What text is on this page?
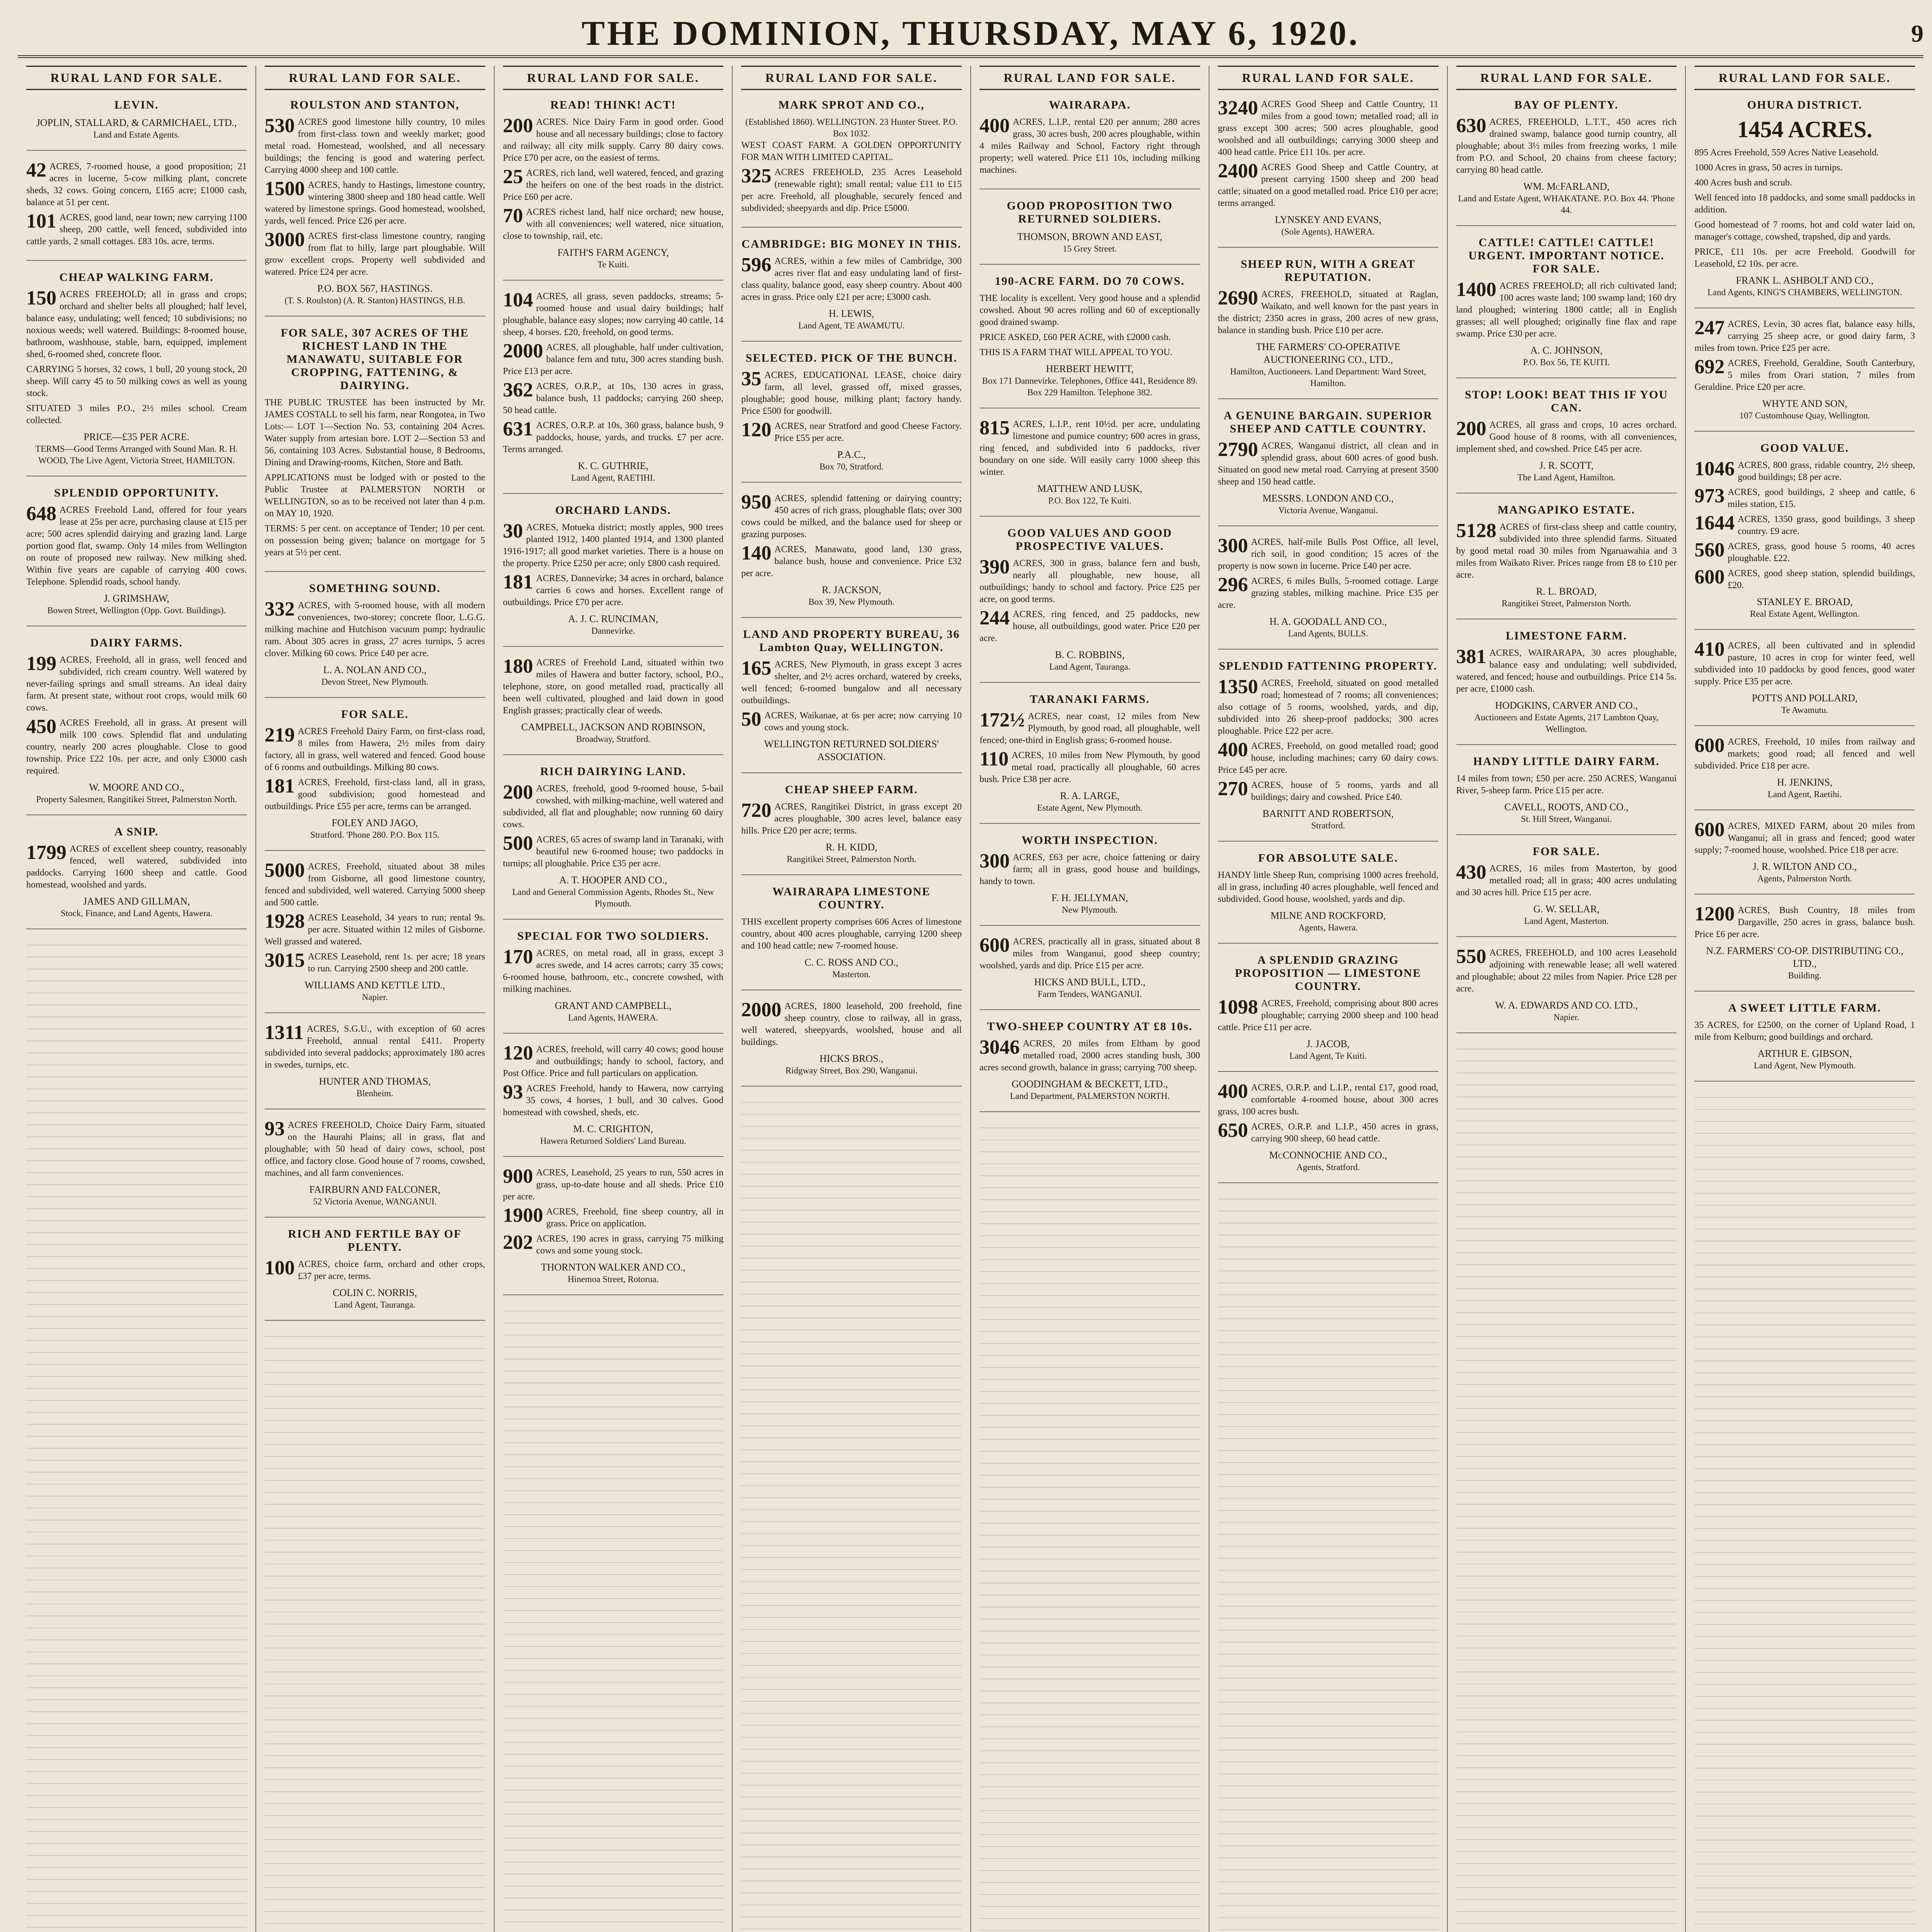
THE DOMINION, THURSDAY, MAY 6, 1920.	9
RURAL LAND FOR SALE.
LEVIN.
JOPLIN, STALLARD, & CARMICHAEL, LTD.,
Land and Estate Agents.

42 ACRES, 7-roomed house, a good proposition; 21 acres in lucerne, 5-cow milking plant, concrete sheds, 32 cows. Going concern, £165 acre; £1000 cash, balance at 51 per cent.

101 ACRES, good land, near town; new carrying 1100 sheep, 200 cattle, well fenced, subdivided into cattle yards, 2 small cottages. £83 10s. acre, terms.

CHEAP WALKING FARM.

150 ACRES FREEHOLD; all in grass and crops; orchard and shelter belts all ploughed; half level, balance easy, undulating; well fenced; 10 subdivisions; no noxious weeds; well watered. Buildings: 8-roomed house, bathroom, washhouse, stable, barn, equipped, implement shed, 6-roomed shed, concrete floor.

CARRYING 5 horses, 32 cows, 1 bull, 20 young stock, 20 sheep. Will carry 45 to 50 milking cows as well as young stock.

SITUATED 3 miles P.O., 2½ miles school. Cream collected.

PRICE—£35 PER ACRE.
TERMS—Good Terms Arranged with Sound Man. R. H. WOOD, The Live Agent, Victoria Street, HAMILTON.
SPLENDID OPPORTUNITY.

648 ACRES Freehold Land, offered for four years lease at 25s per acre, purchasing clause at £15 per acre; 500 acres splendid dairying and grazing land. Large portion good flat, swamp. Only 14 miles from Wellington on route of proposed new railway. New milking shed. Within five years are capable of carrying 400 cows. Telephone. Splendid roads, school handy.

J. GRIMSHAW,
Bowen Street, Wellington (Opp. Govt. Buildings).
DAIRY FARMS.

199 ACRES, Freehold, all in grass, well fenced and subdivided, rich cream country. Well watered by never-failing springs and small streams. An ideal dairy farm. At present state, without root crops, would milk 60 cows.

450 ACRES Freehold, all in grass. At present will milk 100 cows. Splendid flat and undulating country, nearly 200 acres ploughable. Close to good township. Price £22 10s. per acre, and only £3000 cash required.

W. MOORE AND CO.,
Property Salesmen, Rangitikei Street, Palmerston North.
A SNIP.

1799 ACRES of excellent sheep country, reasonably fenced, well watered, subdivided into paddocks. Carrying 1600 sheep and cattle. Good homestead, woolshed and yards.

JAMES AND GILLMAN,
Stock, Finance, and Land Agents, Hawera.
RURAL LAND FOR SALE.
ROULSTON AND STANTON,

530 ACRES good limestone hilly country, 10 miles from first-class town and weekly market; good metal road. Homestead, woolshed, and all necessary buildings; the fencing is good and watering perfect. Carrying 4000 sheep and 100 cattle.

1500 ACRES, handy to Hastings, limestone country, wintering 3800 sheep and 180 head cattle. Well watered by limestone springs. Good homestead, woolshed, yards, well fenced. Price £26 per acre.

3000 ACRES first-class limestone country, ranging from flat to hilly, large part ploughable. Will grow excellent crops. Property well subdivided and watered. Price £24 per acre.

P.O. BOX 567, HASTINGS.
(T. S. Roulston) (A. R. Stanton) HASTINGS, H.B.
FOR SALE, 307 ACRES OF THE RICHEST LAND IN THE MANAWATU, SUITABLE FOR CROPPING, FATTENING, & DAIRYING.

THE PUBLIC TRUSTEE has been instructed by Mr. JAMES COSTALL to sell his farm, near Rongotea, in Two Lots:— LOT 1—Section No. 53, containing 204 Acres. Water supply from artesian bore. LOT 2—Section 53 and 56, containing 103 Acres. Substantial house, 8 Bedrooms, Dining and Drawing-rooms, Kitchen, Store and Bath.

APPLICATIONS must be lodged with or posted to the Public Trustee at PALMERSTON NORTH or WELLINGTON, so as to be received not later than 4 p.m. on MAY 10, 1920.

TERMS: 5 per cent. on acceptance of Tender; 10 per cent. on possession being given; balance on mortgage for 5 years at 5½ per cent.

SOMETHING SOUND.

332 ACRES, with 5-roomed house, with all modern conveniences, two-storey; concrete floor, L.G.G. milking machine and Hutchison vacuum pump; hydraulic ram. About 305 acres in grass, 27 acres turnips, 5 acres clover. Milking 60 cows. Price £40 per acre.

L. A. NOLAN AND CO.,
Devon Street, New Plymouth.
FOR SALE.

219 ACRES Freehold Dairy Farm, on first-class road, 8 miles from Hawera, 2½ miles from dairy factory, all in grass, well watered and fenced. Good house of 6 rooms and outbuildings. Milking 80 cows.

181 ACRES, Freehold, first-class land, all in grass, good subdivision; good homestead and outbuildings. Price £55 per acre, terms can be arranged.

FOLEY AND JAGO,
Stratford. 'Phone 280. P.O. Box 115.

5000 ACRES, Freehold, situated about 38 miles from Gisborne, all good limestone country, fenced and subdivided, well watered. Carrying 5000 sheep and 500 cattle.

1928 ACRES Leasehold, 34 years to run; rental 9s. per acre. Situated within 12 miles of Gisborne. Well grassed and watered.

3015 ACRES Leasehold, rent 1s. per acre; 18 years to run. Carrying 2500 sheep and 200 cattle.

WILLIAMS AND KETTLE LTD.,
Napier.

1311 ACRES, S.G.U., with exception of 60 acres Freehold, annual rental £411. Property subdivided into several paddocks; approximately 180 acres in swedes, turnips, etc.

HUNTER AND THOMAS,
Blenheim.

93 ACRES FREEHOLD, Choice Dairy Farm, situated on the Haurahi Plains; all in grass, flat and ploughable; with 50 head of dairy cows, school, post office, and factory close. Good house of 7 rooms, cowshed, machines, and all farm conveniences.

FAIRBURN AND FALCONER,
52 Victoria Avenue, WANGANUI.
RICH AND FERTILE BAY OF PLENTY.

100 ACRES, choice farm, orchard and other crops, £37 per acre, terms.

COLIN C. NORRIS,
Land Agent, Tauranga.
RURAL LAND FOR SALE.
READ! THINK! ACT!

200 ACRES. Nice Dairy Farm in good order. Good house and all necessary buildings; close to factory and railway; all city milk supply. Carry 80 dairy cows. Price £70 per acre, on the easiest of terms.

25 ACRES, rich land, well watered, fenced, and grazing the heifers on one of the best roads in the district. Price £60 per acre.

70 ACRES richest land, half nice orchard; new house, with all conveniences; well watered, nice situation, close to township, rail, etc.

FAITH'S FARM AGENCY,
Te Kuiti.

104 ACRES, all grass, seven paddocks, streams; 5-roomed house and usual dairy buildings; half ploughable, balance easy slopes; now carrying 40 cattle, 14 sheep, 4 horses. £20, freehold, on good terms.

2000 ACRES, all ploughable, half under cultivation, balance fern and tutu, 300 acres standing bush. Price £13 per acre.

362 ACRES, O.R.P., at 10s, 130 acres in grass, balance bush, 11 paddocks; carrying 260 sheep, 50 head cattle.

631 ACRES, O.R.P. at 10s, 360 grass, balance bush, 9 paddocks, house, yards, and trucks. £7 per acre. Terms arranged.

K. C. GUTHRIE,
Land Agent, RAETIHI.
ORCHARD LANDS.

30 ACRES, Motueka district; mostly apples, 900 trees planted 1912, 1400 planted 1914, and 1300 planted 1916-1917; all good market varieties. There is a house on the property. Price £250 per acre; only £800 cash required.

181 ACRES, Dannevirke; 34 acres in orchard, balance carries 6 cows and horses. Excellent range of outbuildings. Price £70 per acre.

A. J. C. RUNCIMAN,
Dannevirke.

180 ACRES of Freehold Land, situated within two miles of Hawera and butter factory, school, P.O., telephone, store, on good metalled road, practically all been well cultivated, ploughed and laid down in good English grasses; practically clear of weeds.

CAMPBELL, JACKSON AND ROBINSON,
Broadway, Stratford.
RICH DAIRYING LAND.

200 ACRES, freehold, good 9-roomed house, 5-bail cowshed, with milking-machine, well watered and subdivided, all flat and ploughable; now running 60 dairy cows.

500 ACRES, 65 acres of swamp land in Taranaki, with beautiful new 6-roomed house; two paddocks in turnips; all ploughable. Price £35 per acre.

A. T. HOOPER AND CO.,
Land and General Commission Agents, Rhodes St., New Plymouth.
SPECIAL FOR TWO SOLDIERS.

170 ACRES, on metal road, all in grass, except 3 acres swede, and 14 acres carrots; carry 35 cows; 6-roomed house, bathroom, etc., concrete cowshed, with milking machines.

GRANT AND CAMPBELL,
Land Agents, HAWERA.

120 ACRES, freehold, will carry 40 cows; good house and outbuildings; handy to school, factory, and Post Office. Price and full particulars on application.

93 ACRES Freehold, handy to Hawera, now carrying 35 cows, 4 horses, 1 bull, and 30 calves. Good homestead with cowshed, sheds, etc.

M. C. CRIGHTON,
Hawera Returned Soldiers' Land Bureau.

900 ACRES, Leasehold, 25 years to run, 550 acres in grass, up-to-date house and all sheds. Price £10 per acre.

1900 ACRES, Freehold, fine sheep country, all in grass. Price on application.

202 ACRES, 190 acres in grass, carrying 75 milking cows and some young stock.

THORNTON WALKER AND CO.,
Hinemoa Street, Rotorua.
RURAL LAND FOR SALE.
MARK SPROT AND CO.,
(Established 1860). WELLINGTON. 23 Hunter Street. P.O. Box 1032.

WEST COAST FARM. A GOLDEN OPPORTUNITY FOR MAN WITH LIMITED CAPITAL.

325 ACRES FREEHOLD, 235 Acres Leasehold (renewable right); small rental; value £11 to £15 per acre. Freehold, all ploughable, securely fenced and subdivided; sheepyards and dip. Price £5000.

CAMBRIDGE: BIG MONEY IN THIS.

596 ACRES, within a few miles of Cambridge, 300 acres river flat and easy undulating land of first-class quality, balance good, easy sheep country. About 400 acres in grass. Price only £21 per acre; £3000 cash.

H. LEWIS,
Land Agent, TE AWAMUTU.
SELECTED. PICK OF THE BUNCH.

35 ACRES, EDUCATIONAL LEASE, choice dairy farm, all level, grassed off, mixed grasses, ploughable; good house, milking plant; factory handy. Price £500 for goodwill.

120 ACRES, near Stratford and good Cheese Factory. Price £55 per acre.

P.A.C.,
Box 70, Stratford.

950 ACRES, splendid fattening or dairying country; 450 acres of rich grass, ploughable flats; over 300 cows could be milked, and the balance used for sheep or grazing purposes.

140 ACRES, Manawatu, good land, 130 grass, balance bush, house and convenience. Price £32 per acre.

R. JACKSON,
Box 39, New Plymouth.
LAND AND PROPERTY BUREAU, 36 Lambton Quay, WELLINGTON.

165 ACRES, New Plymouth, in grass except 3 acres shelter, and 2½ acres orchard, watered by creeks, well fenced; 6-roomed bungalow and all necessary outbuildings.

50 ACRES, Waikanae, at 6s per acre; now carrying 10 cows and young stock.

WELLINGTON RETURNED SOLDIERS' ASSOCIATION.
CHEAP SHEEP FARM.

720 ACRES, Rangitikei District, in grass except 20 acres ploughable, 300 acres level, balance easy hills. Price £20 per acre; terms.

R. H. KIDD,
Rangitikei Street, Palmerston North.
WAIRARAPA LIMESTONE COUNTRY.

THIS excellent property comprises 606 Acres of limestone country, about 400 acres ploughable, carrying 1200 sheep and 100 head cattle; new 7-roomed house.

C. C. ROSS AND CO.,
Masterton.

2000 ACRES, 1800 leasehold, 200 freehold, fine sheep country, close to railway, all in grass, well watered, sheepyards, woolshed, house and all buildings.

HICKS BROS.,
Ridgway Street, Box 290, Wanganui.
RURAL LAND FOR SALE.
WAIRARAPA.

400 ACRES, L.I.P., rental £20 per annum; 280 acres grass, 30 acres bush, 200 acres ploughable, within 4 miles Railway and School, Factory right through property; well watered. Price £11 10s, including milking machines.

GOOD PROPOSITION TWO RETURNED SOLDIERS.
THOMSON, BROWN AND EAST,
15 Grey Street.
190-ACRE FARM. DO 70 COWS.

THE locality is excellent. Very good house and a splendid cowshed. About 90 acres rolling and 60 of exceptionally good drained swamp.

PRICE ASKED, £60 PER ACRE, with £2000 cash.

THIS IS A FARM THAT WILL APPEAL TO YOU.

HERBERT HEWITT,
Box 171 Dannevirke. Telephones, Office 441, Residence 89. Box 229 Hamilton. Telephone 382.

815 ACRES, L.I.P., rent 10½d. per acre, undulating limestone and pumice country; 600 acres in grass, ring fenced, and subdivided into 6 paddocks, river boundary on one side. Will easily carry 1000 sheep this winter.

MATTHEW AND LUSK,
P.O. Box 122, Te Kuiti.
GOOD VALUES AND GOOD PROSPECTIVE VALUES.

390 ACRES, 300 in grass, balance fern and bush, nearly all ploughable, new house, all outbuildings; handy to school and factory. Price £25 per acre, on good terms.

244 ACRES, ring fenced, and 25 paddocks, new house, all outbuildings, good water. Price £20 per acre.

B. C. ROBBINS,
Land Agent, Tauranga.
TARANAKI FARMS.

172½ ACRES, near coast, 12 miles from New Plymouth, by good road, all ploughable, well fenced; one-third in English grass; 6-roomed house.

110 ACRES, 10 miles from New Plymouth, by good metal road, practically all ploughable, 60 acres bush. Price £38 per acre.

R. A. LARGE,
Estate Agent, New Plymouth.
WORTH INSPECTION.

300 ACRES, £63 per acre, choice fattening or dairy farm; all in grass, good house and buildings, handy to town.

F. H. JELLYMAN,
New Plymouth.

600 ACRES, practically all in grass, situated about 8 miles from Wanganui, good sheep country; woolshed, yards and dip. Price £15 per acre.

HICKS AND BULL, LTD.,
Farm Tenders, WANGANUI.
TWO-SHEEP COUNTRY AT £8 10s.

3046 ACRES, 20 miles from Eltham by good metalled road, 2000 acres standing bush, 300 acres second growth, balance in grass; carrying 700 sheep.

GOODINGHAM & BECKETT, LTD.,
Land Department, PALMERSTON NORTH.
RURAL LAND FOR SALE.

3240 ACRES Good Sheep and Cattle Country, 11 miles from a good town; metalled road; all in grass except 300 acres; 500 acres ploughable, good woolshed and all outbuildings; carrying 3000 sheep and 400 head cattle. Price £11 10s. per acre.

2400 ACRES Good Sheep and Cattle Country, at present carrying 1500 sheep and 200 head cattle; situated on a good metalled road. Price £10 per acre; terms arranged.

LYNSKEY AND EVANS,
(Sole Agents), HAWERA.
SHEEP RUN, WITH A GREAT REPUTATION.

2690 ACRES, FREEHOLD, situated at Raglan, Waikato, and well known for the past years in the district; 2350 acres in grass, 200 acres of new grass, balance in standing bush. Price £10 per acre.

THE FARMERS' CO-OPERATIVE AUCTIONEERING CO., LTD.,
Hamilton, Auctioneers. Land Department: Ward Street, Hamilton.
A GENUINE BARGAIN. SUPERIOR SHEEP AND CATTLE COUNTRY.

2790 ACRES, Wanganui district, all clean and in splendid grass, about 600 acres of good bush. Situated on good new metal road. Carrying at present 3500 sheep and 150 head cattle.

MESSRS. LONDON AND CO.,
Victoria Avenue, Wanganui.

300 ACRES, half-mile Bulls Post Office, all level, rich soil, in good condition; 15 acres of the property is now sown in lucerne. Price £40 per acre.

296 ACRES, 6 miles Bulls, 5-roomed cottage. Large grazing stables, milking machine. Price £35 per acre.

H. A. GOODALL AND CO.,
Land Agents, BULLS.
SPLENDID FATTENING PROPERTY.

1350 ACRES, Freehold, situated on good metalled road; homestead of 7 rooms; all conveniences; also cottage of 5 rooms, woolshed, yards, and dip, subdivided into 26 sheep-proof paddocks; 300 acres ploughable. Price £22 per acre.

400 ACRES, Freehold, on good metalled road; good house, including machines; carry 60 dairy cows. Price £45 per acre.

270 ACRES, house of 5 rooms, yards and all buildings; dairy and cowshed. Price £40.

BARNITT AND ROBERTSON,
Stratford.
FOR ABSOLUTE SALE.

HANDY little Sheep Run, comprising 1000 acres freehold, all in grass, including 40 acres ploughable, well fenced and subdivided. Good house, woolshed, yards and dip.

MILNE AND ROCKFORD,
Agents, Hawera.
A SPLENDID GRAZING PROPOSITION — LIMESTONE COUNTRY.

1098 ACRES, Freehold, comprising about 800 acres ploughable; carrying 2000 sheep and 100 head cattle. Price £11 per acre.

J. JACOB,
Land Agent, Te Kuiti.

400 ACRES, O.R.P. and L.I.P., rental £17, good road, comfortable 4-roomed house, about 300 acres grass, 100 acres bush.

650 ACRES, O.R.P. and L.I.P., 450 acres in grass, carrying 900 sheep, 60 head cattle.

McCONNOCHIE AND CO.,
Agents, Stratford.
RURAL LAND FOR SALE.
BAY OF PLENTY.

630 ACRES, FREEHOLD, L.T.T., 450 acres rich drained swamp, balance good turnip country, all ploughable; about 3½ miles from freezing works, 1 mile from P.O. and School, 20 chains from cheese factory; carrying 80 head cattle.

WM. McFARLAND,
Land and Estate Agent, WHAKATANE. P.O. Box 44. 'Phone 44.
CATTLE! CATTLE! CATTLE! URGENT. IMPORTANT NOTICE. FOR SALE.

1400 ACRES FREEHOLD; all rich cultivated land; 100 acres waste land; 100 swamp land; 160 dry land ploughed; wintering 1800 cattle; all in English grasses; all well ploughed; originally fine flax and rape swamp. Price £30 per acre.

A. C. JOHNSON,
P.O. Box 56, TE KUITI.
STOP! LOOK! BEAT THIS IF YOU CAN.

200 ACRES, all grass and crops, 10 acres orchard. Good house of 8 rooms, with all conveniences, implement shed, and cowshed. Price £45 per acre.

J. R. SCOTT,
The Land Agent, Hamilton.
MANGAPIKO ESTATE.

5128 ACRES of first-class sheep and cattle country, subdivided into three splendid farms. Situated by good metal road 30 miles from Ngaruawahia and 3 miles from Waikato River. Prices range from £8 to £10 per acre.

R. L. BROAD,
Rangitikei Street, Palmerston North.
LIMESTONE FARM.

381 ACRES, WAIRARAPA, 30 acres ploughable, balance easy and undulating; well subdivided, watered, and fenced; house and outbuildings. Price £14 5s. per acre, £1000 cash.

HODGKINS, CARVER AND CO.,
Auctioneers and Estate Agents, 217 Lambton Quay, Wellington.
HANDY LITTLE DAIRY FARM.

14 miles from town; £50 per acre. 250 ACRES, Wanganui River, 5-sheep farm. Price £15 per acre.

CAVELL, ROOTS, AND CO.,
St. Hill Street, Wanganui.
FOR SALE.

430 ACRES, 16 miles from Masterton, by good metalled road; all in grass; 400 acres undulating and 30 acres hill. Price £15 per acre.

G. W. SELLAR,
Land Agent, Masterton.

550 ACRES, FREEHOLD, and 100 acres Leasehold adjoining with renewable lease; all well watered and ploughable; about 22 miles from Napier. Price £28 per acre.

W. A. EDWARDS AND CO. LTD.,
Napier.
RURAL LAND FOR SALE.
OHURA DISTRICT.
1454 ACRES.

895 Acres Freehold, 559 Acres Native Leasehold.

1000 Acres in grass, 50 acres in turnips.

400 Acres bush and scrub.

Well fenced into 18 paddocks, and some small paddocks in addition.

Good homestead of 7 rooms, hot and cold water laid on, manager's cottage, cowshed, trapshed, dip and yards.

PRICE, £11 10s. per acre Freehold. Goodwill for Leasehold, £2 10s. per acre.

FRANK L. ASHBOLT AND CO.,
Land Agents, KING'S CHAMBERS, WELLINGTON.

247 ACRES, Levin, 30 acres flat, balance easy hills, carrying 25 sheep acre, or good dairy farm, 3 miles from town. Price £25 per acre.

692 ACRES, Freehold, Geraldine, South Canterbury, 5 miles from Orari station, 7 miles from Geraldine. Price £20 per acre.

WHYTE AND SON,
107 Customhouse Quay, Wellington.
GOOD VALUE.

1046 ACRES, 800 grass, ridable country, 2½ sheep, good buildings; £8 per acre.

973 ACRES, good buildings, 2 sheep and cattle, 6 miles station, £15.

1644 ACRES, 1350 grass, good buildings, 3 sheep country. £9 acre.

560 ACRES, grass, good house 5 rooms, 40 acres ploughable. £22.

600 ACRES, good sheep station, splendid buildings, £20.

STANLEY E. BROAD,
Real Estate Agent, Wellington.

410 ACRES, all been cultivated and in splendid pasture, 10 acres in crop for winter feed, well subdivided into 10 paddocks by good fences, good water supply. Price £35 per acre.

POTTS AND POLLARD,
Te Awamutu.

600 ACRES, Freehold, 10 miles from railway and markets; good road; all fenced and well subdivided. Price £18 per acre.

H. JENKINS,
Land Agent, Raetihi.

600 ACRES, MIXED FARM, about 20 miles from Wanganui; all in grass and fenced; good water supply; 7-roomed house, woolshed. Price £18 per acre.

J. R. WILTON AND CO.,
Agents, Palmerston North.

1200 ACRES, Bush Country, 18 miles from Dargaville, 250 acres in grass, balance bush. Price £6 per acre.

N.Z. FARMERS' CO-OP. DISTRIBUTING CO., LTD.,
Building.
A SWEET LITTLE FARM.

35 ACRES, for £2500, on the corner of Upland Road, 1 mile from Kelburn; good buildings and orchard.

ARTHUR E. GIBSON,
Land Agent, New Plymouth.
